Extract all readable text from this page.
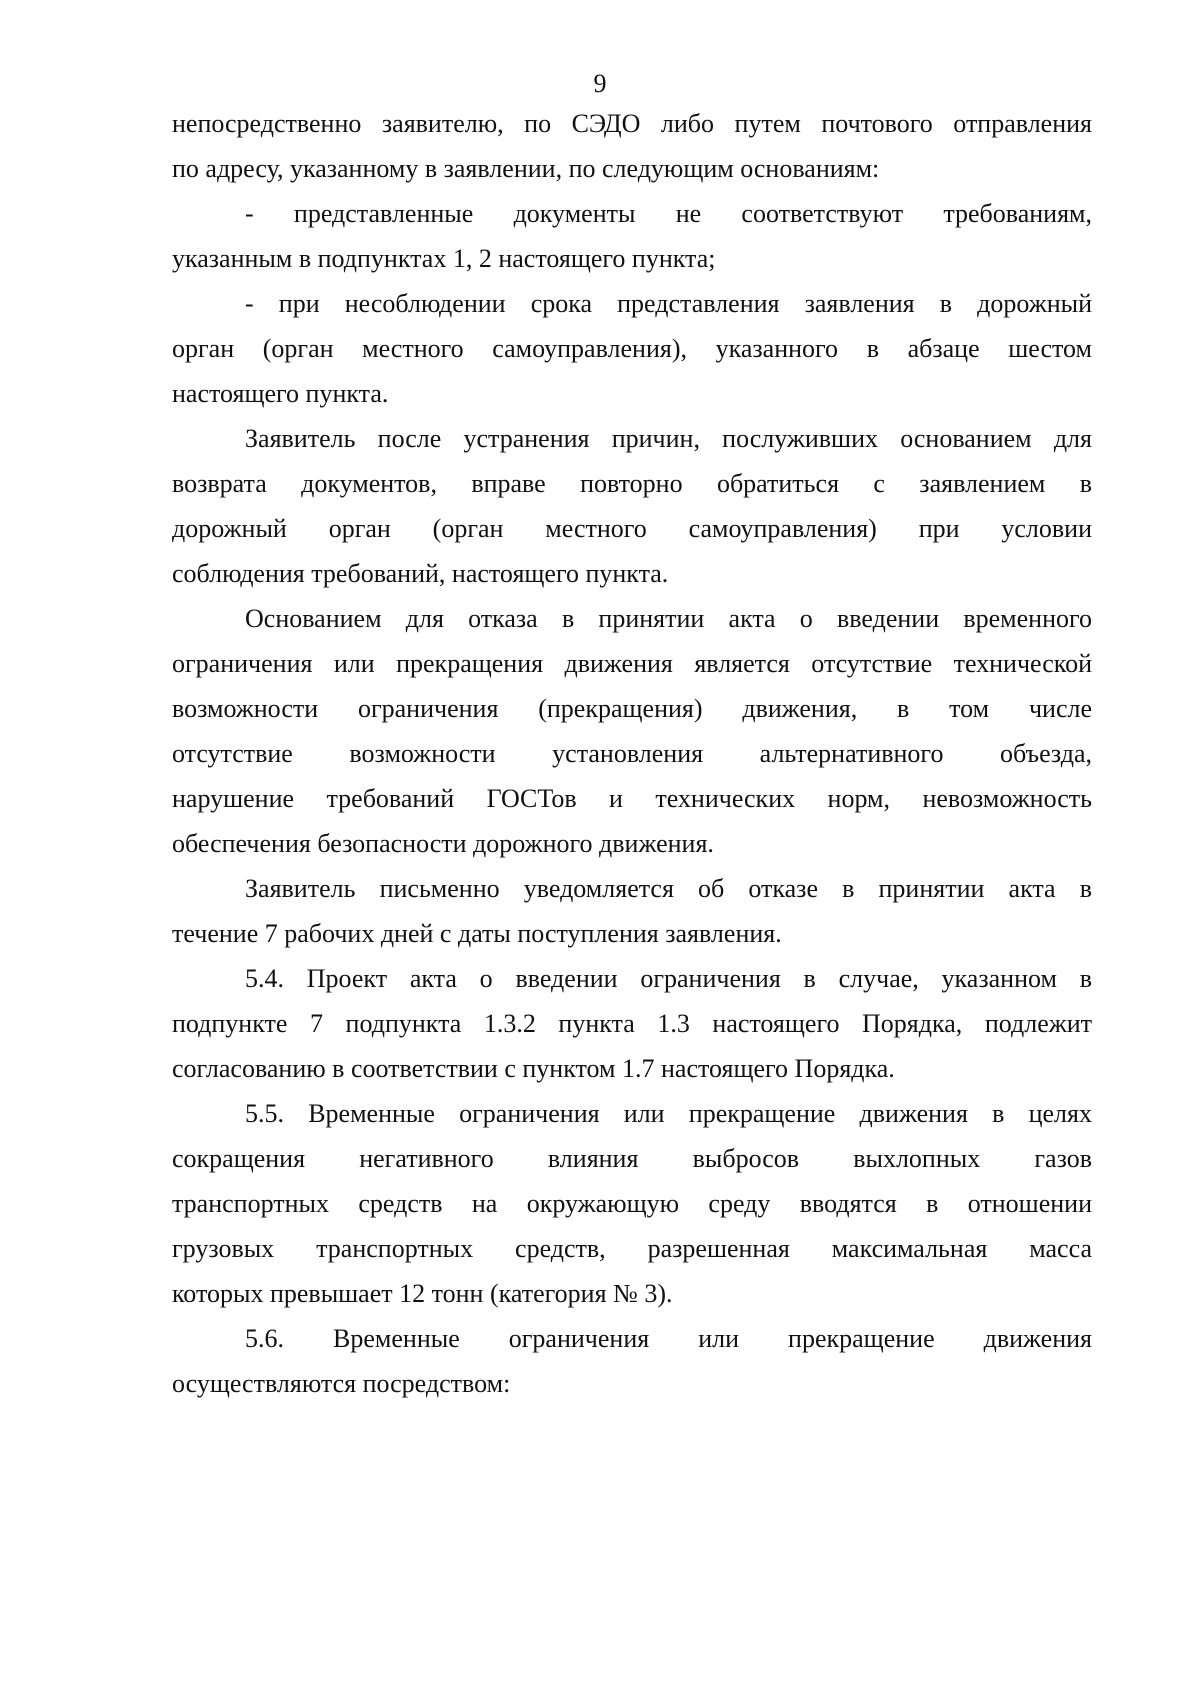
9
непосредственно заявителю, по СЭДО либо путем почтового отправления
по адресу, указанному в заявлении, по следующим основаниям:
- представленные документы не соответствуют требованиям,
указанным в подпунктах 1, 2 настоящего пункта;
- при несоблюдении срока представления заявления в дорожный
орган (орган местного самоуправления), указанного в абзаце шестом
настоящего пункта.
Заявитель после устранения причин, послуживших основанием для
возврата документов, вправе повторно обратиться с заявлением в
дорожный орган (орган местного самоуправления) при условии
соблюдения требований, настоящего пункта.
Основанием для отказа в принятии акта о введении временного
ограничения или прекращения движения является отсутствие технической
возможности ограничения (прекращения) движения, в том числе
отсутствие возможности установления альтернативного объезда,
нарушение требований ГОСТов и технических норм, невозможность
обеспечения безопасности дорожного движения.
Заявитель письменно уведомляется об отказе в принятии акта в
течение 7 рабочих дней с даты поступления заявления.
5.4. Проект акта о введении ограничения в случае, указанном в
подпункте 7 подпункта 1.3.2 пункта 1.3 настоящего Порядка, подлежит
согласованию в соответствии с пунктом 1.7 настоящего Порядка.
5.5. Временные ограничения или прекращение движения в целях
сокращения негативного влияния выбросов выхлопных газов
транспортных средств на окружающую среду вводятся в отношении
грузовых транспортных средств, разрешенная максимальная масса
которых превышает 12 тонн (категория № 3).
5.6. Временные ограничения или прекращение движения
осуществляются посредством:
